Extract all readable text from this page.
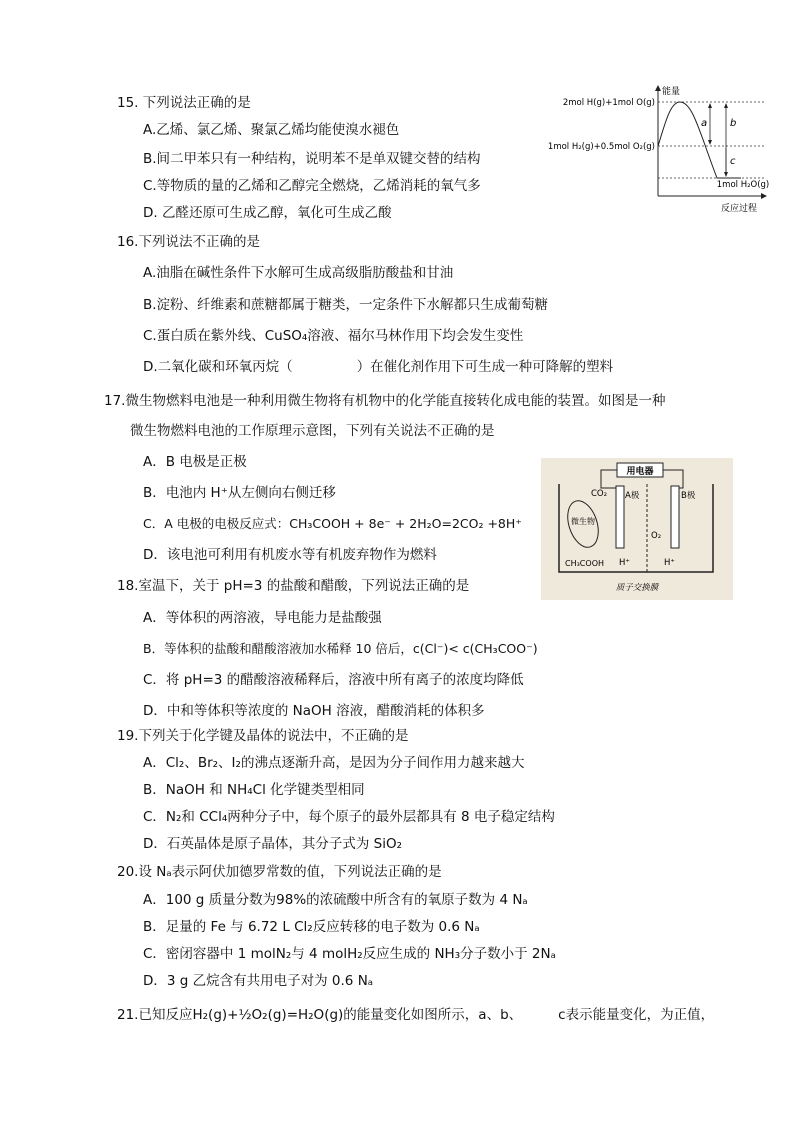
15. 下列说法正确的是
A.乙烯、氯乙烯、聚氯乙烯均能使溴水褪色
B.间二甲苯只有一种结构，说明苯不是单双键交替的结构
C.等物质的量的乙烯和乙醇完全燃烧，乙烯消耗的氧气多
D. 乙醛还原可生成乙醇，氧化可生成乙酸
16.下列说法不正确的是
A.油脂在碱性条件下水解可生成高级脂肪酸盐和甘油
B.淀粉、纤维素和蔗糖都属于糖类，一定条件下水解都只生成葡萄糖
C.蛋白质在紫外线、CuSO₄溶液、福尔马林作用下均会发生变性
D.二氧化碳和环氧丙烷（	）在催化剂作用下可生成一种可降解的塑料
17.微生物燃料电池是一种利用微生物将有机物中的化学能直接转化成电能的装置。如图是一种
微生物燃料电池的工作原理示意图，下列有关说法不正确的是
A．B 电极是正极
B．电池内 H⁺从左侧向右侧迁移
C．A 电极的电极反应式：CH₃COOH + 8e⁻ + 2H₂O=2CO₂ +8H⁺
D．该电池可利用有机废水等有机废弃物作为燃料
18.室温下，关于 pH=3 的盐酸和醋酸，下列说法正确的是
A．等体积的两溶液，导电能力是盐酸强
B．等体积的盐酸和醋酸溶液加水稀释 10 倍后，c(Cl⁻)< c(CH₃COO⁻)
C．将 pH=3 的醋酸溶液稀释后，溶液中所有离子的浓度均降低
D．中和等体积等浓度的 NaOH 溶液，醋酸消耗的体积多
19.下列关于化学键及晶体的说法中，不正确的是
A．Cl₂、Br₂、I₂的沸点逐渐升高，是因为分子间作用力越来越大
B．NaOH 和 NH₄Cl 化学键类型相同
C．N₂和 CCl₄两种分子中，每个原子的最外层都具有 8 电子稳定结构
D．石英晶体是原子晶体，其分子式为 SiO₂
20.设 Nₐ表示阿伏加德罗常数的值，下列说法正确的是
A．100 g 质量分数为98%的浓硫酸中所含有的氧原子数为 4 Nₐ
B．足量的 Fe 与 6.72 L Cl₂反应转移的电子数为 0.6 Nₐ
C．密闭容器中 1 molN₂与 4 molH₂反应生成的 NH₃分子数小于 2Nₐ
D．3 g 乙烷含有共用电子对为 0.6 Nₐ
21.已知反应H₂(g)+½O₂(g)=H₂O(g)的能量变化如图所示，a、b、	c表示能量变化，为正值，
能量
反应过程
a b
c
2mol H(g)+1mol O(g)
1mol H₂(g)+0.5mol O₂(g)
1mol H₂O(g)
用电器
A极	B极
CO₂
O₂
H⁺	H⁺
微生物
CH₃COOH
质子交换膜
